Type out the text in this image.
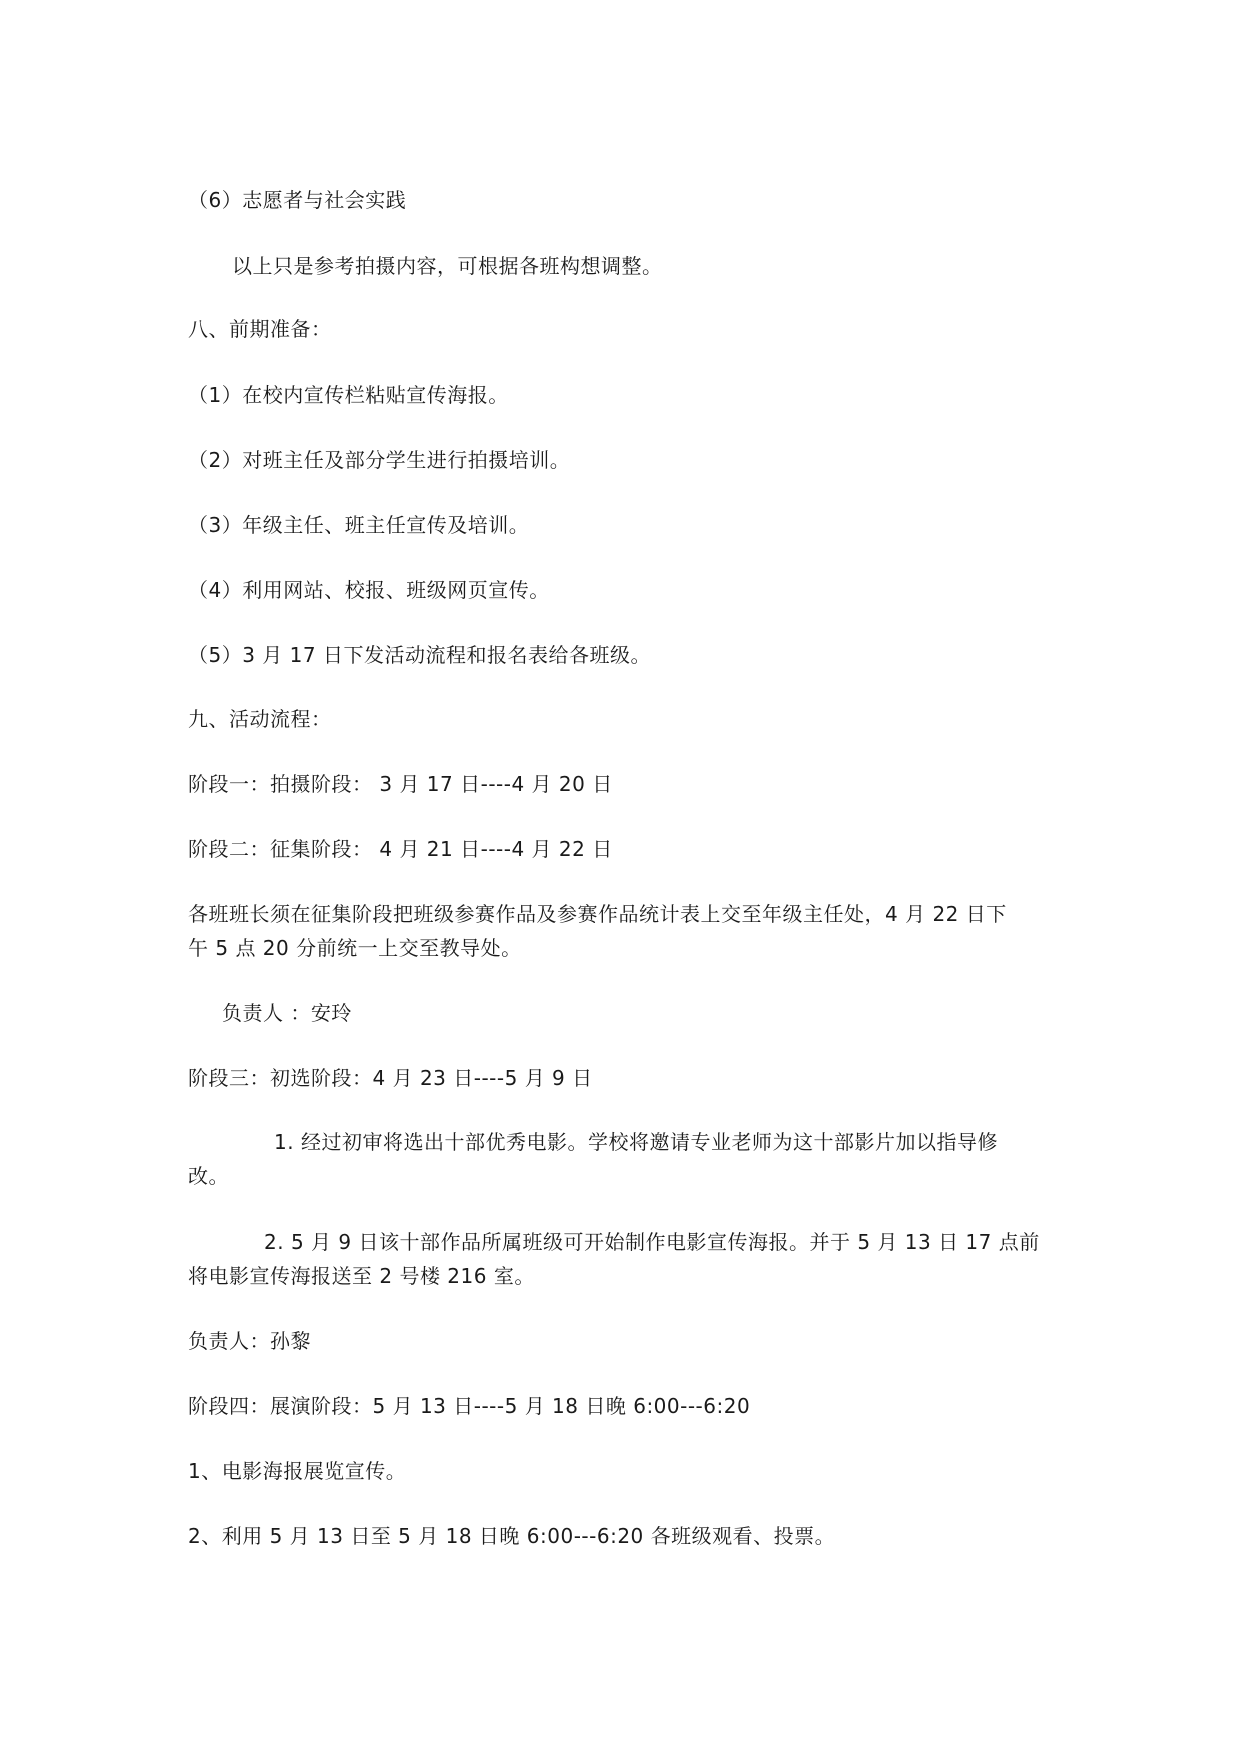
（6）志愿者与社会实践
以上只是参考拍摄内容，可根据各班构想调整。
八、前期准备：
（1）在校内宣传栏粘贴宣传海报。
（2）对班主任及部分学生进行拍摄培训。
（3）年级主任、班主任宣传及培训。
（4）利用网站、校报、班级网页宣传。
（5）3 月 17 日下发活动流程和报名表给各班级。
九、活动流程：
阶段一：拍摄阶段： 3 月 17 日----4 月 20 日
阶段二：征集阶段： 4 月 21 日----4 月 22 日
各班班长须在征集阶段把班级参赛作品及参赛作品统计表上交至年级主任处，4 月 22 日下
午 5 点 20 分前统一上交至教导处。
负责人 ：安玲
阶段三：初选阶段：4 月 23 日----5 月 9 日
1. 经过初审将选出十部优秀电影。学校将邀请专业老师为这十部影片加以指导修
改。
2. 5 月 9 日该十部作品所属班级可开始制作电影宣传海报。并于 5 月 13 日 17 点前
将电影宣传海报送至 2 号楼 216 室。
负责人：孙黎
阶段四：展演阶段：5 月 13 日----5 月 18 日晚 6:00---6:20
1、电影海报展览宣传。
2、利用 5 月 13 日至 5 月 18 日晚 6:00---6:20 各班级观看、投票。
